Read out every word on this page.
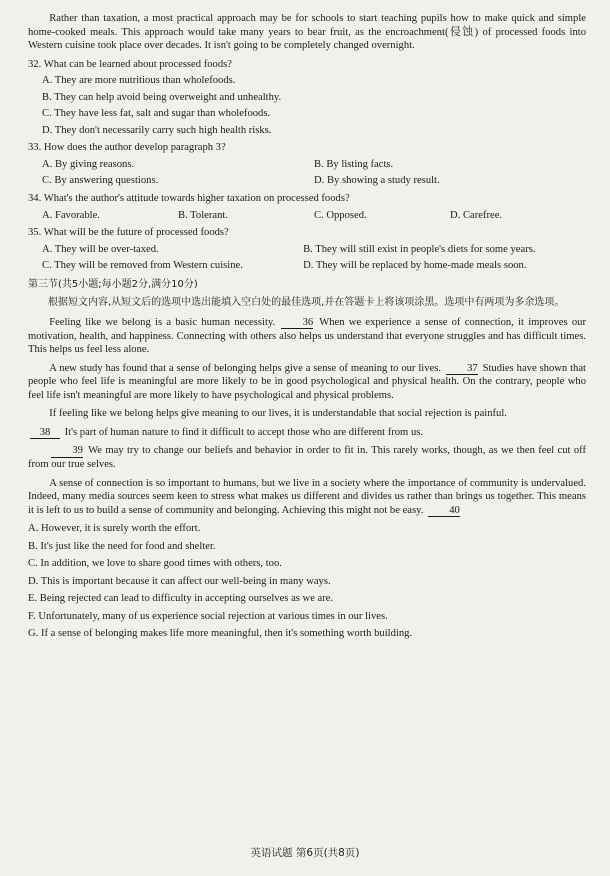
Rather than taxation, a most practical approach may be for schools to start teaching pupils how to make quick and simple home-cooked meals. This approach would take many years to bear fruit, as the encroachment(侵蚀) of processed foods into Western cuisine took place over decades. It isn't going to be completely changed overnight.

32. What can be learned about processed foods?

A. They are more nutritious than wholefoods.

B. They can help avoid being overweight and unhealthy.

C. They have less fat, salt and sugar than wholefoods.

D. They don't necessarily carry such high health risks.

33. How does the author develop paragraph 3?

A. By giving reasons.	B. By listing facts.
C. By answering questions.	D. By showing a study result.

34. What's the author's attitude towards higher taxation on processed foods?

A. Favorable.	B. Tolerant.	C. Opposed.	D. Carefree.

35. What will be the future of processed foods?

A. They will be over-taxed.	B. They will still exist in people's diets for some years.
C. They will be removed from Western cuisine.	D. They will be replaced by home-made meals soon.

第三节(共5小题;每小题2分,满分10分)

根据短文内容,从短文后的选项中选出能填入空白处的最佳选项,并在答题卡上将该项涂黑。选项中有两项为多余选项。

Feeling like we belong is a basic human necessity.	36 When we experience a sense of connection, it improves our motivation, health, and happiness. Connecting with others also helps us understand that everyone struggles and has difficult times. This helps us feel less alone.

A new study has found that a sense of belonging helps give a sense of meaning to our lives. 37 Studies have shown that people who feel life is meaningful are more likely to be in good psychological and physical health. On the contrary, people who feel life isn't meaningful are more likely to have psychological and physical problems.

If feeling like we belong helps give meaning to our lives, it is understandable that social rejection is painful.

38 It's part of human nature to find it difficult to accept those who are different from us.

39 We may try to change our beliefs and behavior in order to fit in. This rarely works, though, as we then feel cut off from our true selves.

A sense of connection is so important to humans, but we live in a society where the importance of community is undervalued. Indeed, many media sources seem keen to stress what makes us different and divides us rather than brings us together. This means it is left to us to build a sense of community and belonging. Achieving this might not be easy. 40

A. However, it is surely worth the effort.

B. It's just like the need for food and shelter.

C. In addition, we love to share good times with others, too.

D. This is important because it can affect our well-being in many ways.

E. Being rejected can lead to difficulty in accepting ourselves as we are.

F. Unfortunately, many of us experience social rejection at various times in our lives.

G. If a sense of belonging makes life more meaningful, then it's something worth building.

英语试题 第6页(共8页)
